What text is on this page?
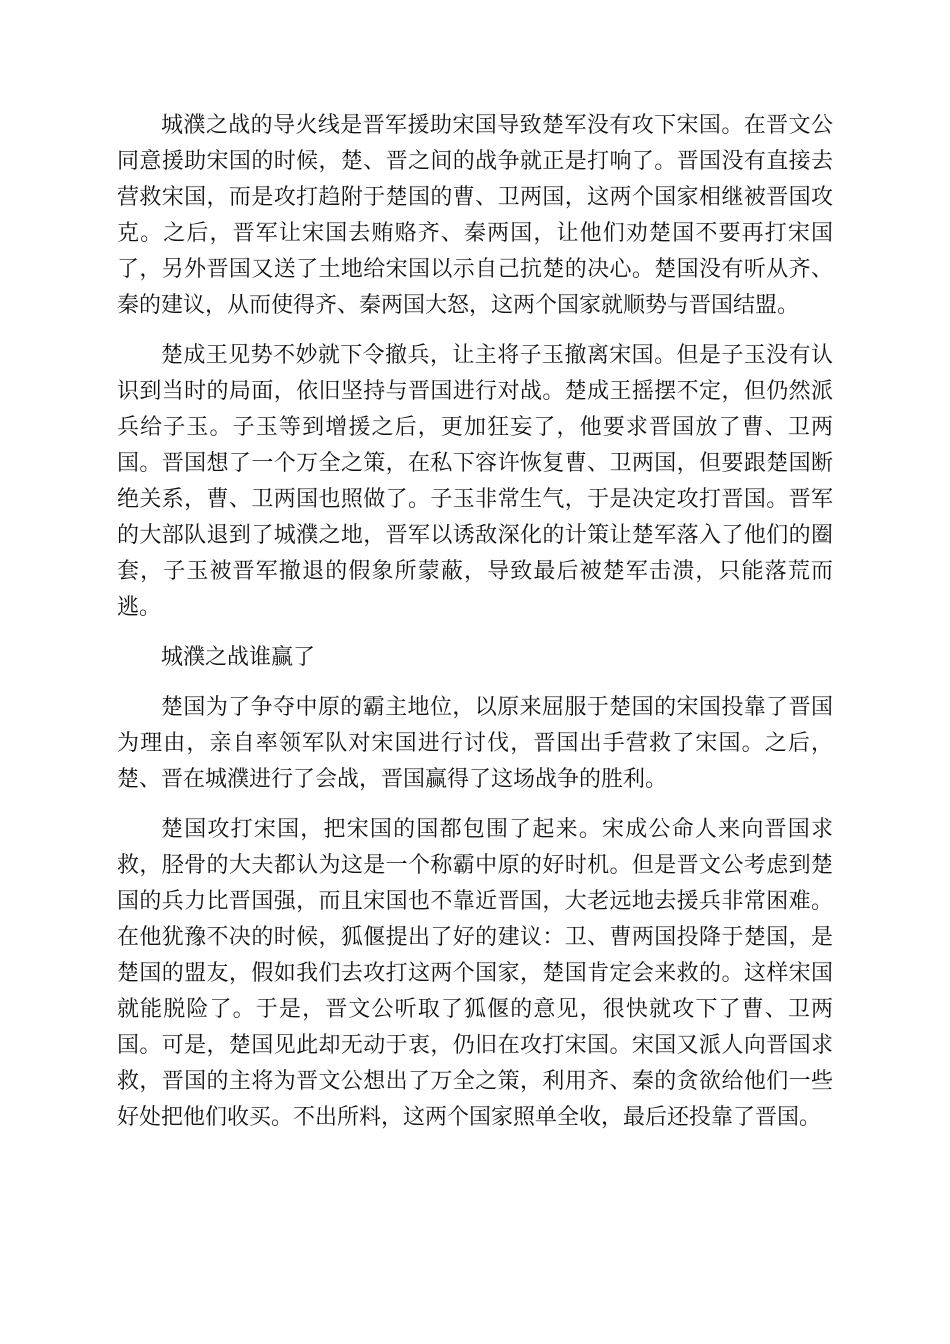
城濮之战的导火线是晋军援助宋国导致楚军没有攻下宋国。在晋文公同意援助宋国的时候，楚、晋之间的战争就正是打响了。晋国没有直接去营救宋国，而是攻打趋附于楚国的曹、卫两国，这两个国家相继被晋国攻克。之后，晋军让宋国去贿赂齐、秦两国，让他们劝楚国不要再打宋国了，另外晋国又送了土地给宋国以示自己抗楚的决心。楚国没有听从齐、秦的建议，从而使得齐、秦两国大怒，这两个国家就顺势与晋国结盟。

楚成王见势不妙就下令撤兵，让主将子玉撤离宋国。但是子玉没有认识到当时的局面，依旧坚持与晋国进行对战。楚成王摇摆不定，但仍然派兵给子玉。子玉等到增援之后，更加狂妄了，他要求晋国放了曹、卫两国。晋国想了一个万全之策，在私下容许恢复曹、卫两国，但要跟楚国断绝关系，曹、卫两国也照做了。子玉非常生气，于是决定攻打晋国。晋军的大部队退到了城濮之地，晋军以诱敌深化的计策让楚军落入了他们的圈套，子玉被晋军撤退的假象所蒙蔽，导致最后被楚军击溃，只能落荒而逃。

城濮之战谁赢了

楚国为了争夺中原的霸主地位，以原来屈服于楚国的宋国投靠了晋国为理由，亲自率领军队对宋国进行讨伐，晋国出手营救了宋国。之后，楚、晋在城濮进行了会战，晋国赢得了这场战争的胜利。

楚国攻打宋国，把宋国的国都包围了起来。宋成公命人来向晋国求救，胫骨的大夫都认为这是一个称霸中原的好时机。但是晋文公考虑到楚国的兵力比晋国强，而且宋国也不靠近晋国，大老远地去援兵非常困难。在他犹豫不决的时候，狐偃提出了好的建议：卫、曹两国投降于楚国，是楚国的盟友，假如我们去攻打这两个国家，楚国肯定会来救的。这样宋国就能脱险了。于是，晋文公听取了狐偃的意见，很快就攻下了曹、卫两国。可是，楚国见此却无动于衷，仍旧在攻打宋国。宋国又派人向晋国求救，晋国的主将为晋文公想出了万全之策，利用齐、秦的贪欲给他们一些好处把他们收买。不出所料，这两个国家照单全收，最后还投靠了晋国。
